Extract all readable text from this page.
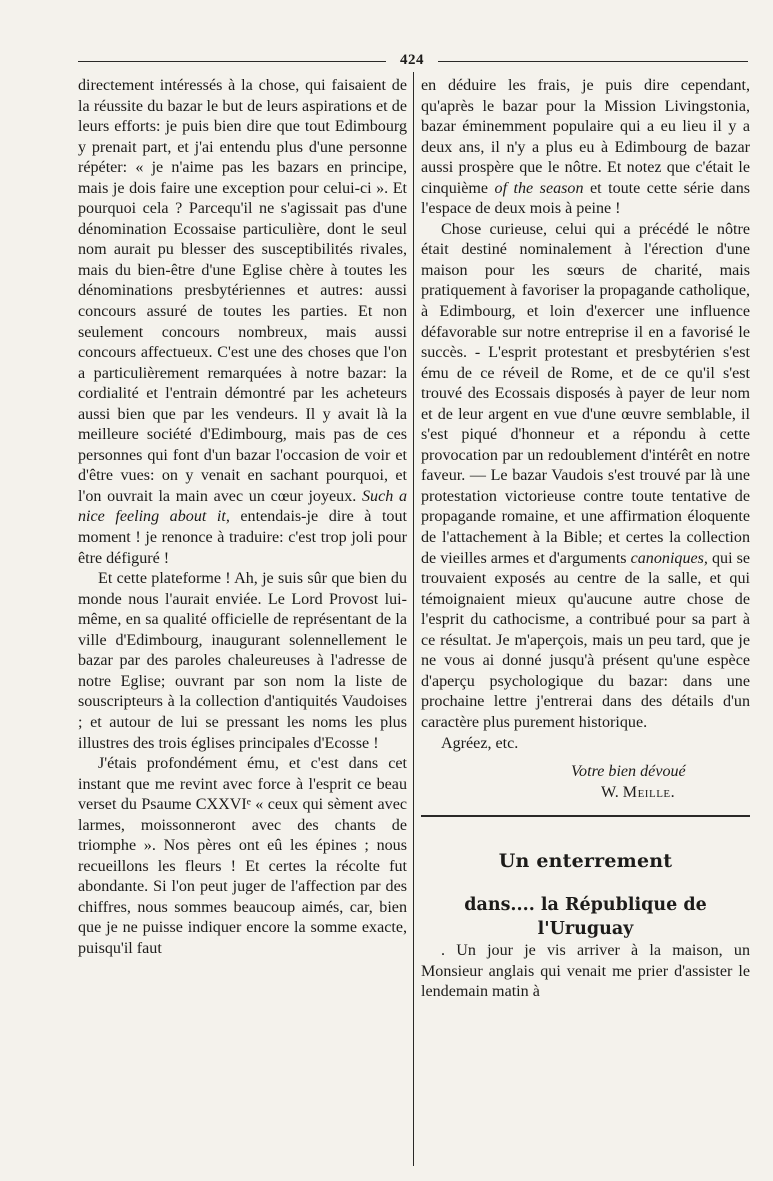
424

directement intéressés à la chose, qui faisaient de la réussite du bazar le but de leurs aspirations et de leurs efforts: je puis bien dire que tout Edimbourg y prenait part, et j'ai entendu plus d'une personne répéter: « je n'aime pas les bazars en principe, mais je dois faire une exception pour celui-ci ». Et pourquoi cela ? Parcequ'il ne s'agissait pas d'une dénomination Ecossaise particulière, dont le seul nom aurait pu blesser des susceptibilités rivales, mais du bien-être d'une Eglise chère à toutes les dénominations presbytériennes et autres: aussi concours assuré de toutes les parties. Et non seulement concours nombreux, mais aussi concours affectueux. C'est une des choses que l'on a particulièrement remarquées à notre bazar: la cordialité et l'entrain démontré par les acheteurs aussi bien que par les vendeurs. Il y avait là la meilleure société d'Edimbourg, mais pas de ces personnes qui font d'un bazar l'occasion de voir et d'être vues: on y venait en sachant pourquoi, et l'on ouvrait la main avec un cœur joyeux. Such a nice feeling about it, entendais-je dire à tout moment ! je renonce à traduire: c'est trop joli pour être défiguré !

Et cette plateforme ! Ah, je suis sûr que bien du monde nous l'aurait enviée. Le Lord Provost lui-même, en sa qualité officielle de représentant de la ville d'Edimbourg, inaugurant solennellement le bazar par des paroles chaleureuses à l'adresse de notre Eglise; ouvrant par son nom la liste de souscripteurs à la collection d'antiquités Vaudoises ; et autour de lui se pressant les noms les plus illustres des trois églises principales d'Ecosse !

J'étais profondément ému, et c'est dans cet instant que me revint avec force à l'esprit ce beau verset du Psaume CXXVIᵉ « ceux qui sèment avec larmes, moissonneront avec des chants de triomphe ». Nos pères ont eû les épines ; nous recueillons les fleurs ! Et certes la récolte fut abondante. Si l'on peut juger de l'affection par des chiffres, nous sommes beaucoup aimés, car, bien que je ne puisse indiquer encore la somme exacte, puisqu'il faut

en déduire les frais, je puis dire cependant, qu'après le bazar pour la Mission Livingstonia, bazar éminemment populaire qui a eu lieu il y a deux ans, il n'y a plus eu à Edimbourg de bazar aussi prospère que le nôtre. Et notez que c'était le cinquième of the season et toute cette série dans l'espace de deux mois à peine !

Chose curieuse, celui qui a précédé le nôtre était destiné nominalement à l'érection d'une maison pour les sœurs de charité, mais pratiquement à favoriser la propagande catholique, à Edimbourg, et loin d'exercer une influence défavorable sur notre entreprise il en a favorisé le succès. - L'esprit protestant et presbytérien s'est ému de ce réveil de Rome, et de ce qu'il s'est trouvé des Ecossais disposés à payer de leur nom et de leur argent en vue d'une œuvre semblable, il s'est piqué d'honneur et a répondu à cette provocation par un redoublement d'intérêt en notre faveur. — Le bazar Vaudois s'est trouvé par là une protestation victorieuse contre toute tentative de propagande romaine, et une affirmation éloquente de l'attachement à la Bible; et certes la collection de vieilles armes et d'arguments canoniques, qui se trouvaient exposés au centre de la salle, et qui témoignaient mieux qu'aucune autre chose de l'esprit du cathocisme, a contribué pour sa part à ce résultat. Je m'aperçois, mais un peu tard, que je ne vous ai donné jusqu'à présent qu'une espèce d'aperçu psychologique du bazar: dans une prochaine lettre j'entrerai dans des détails d'un caractère plus purement historique.

Agréez, etc.

Votre bien dévoué
W. Meille.
Un enterrement
dans.... la République de l'Uruguay

. Un jour je vis arriver à la maison, un Monsieur anglais qui venait me prier d'assister le lendemain matin à
